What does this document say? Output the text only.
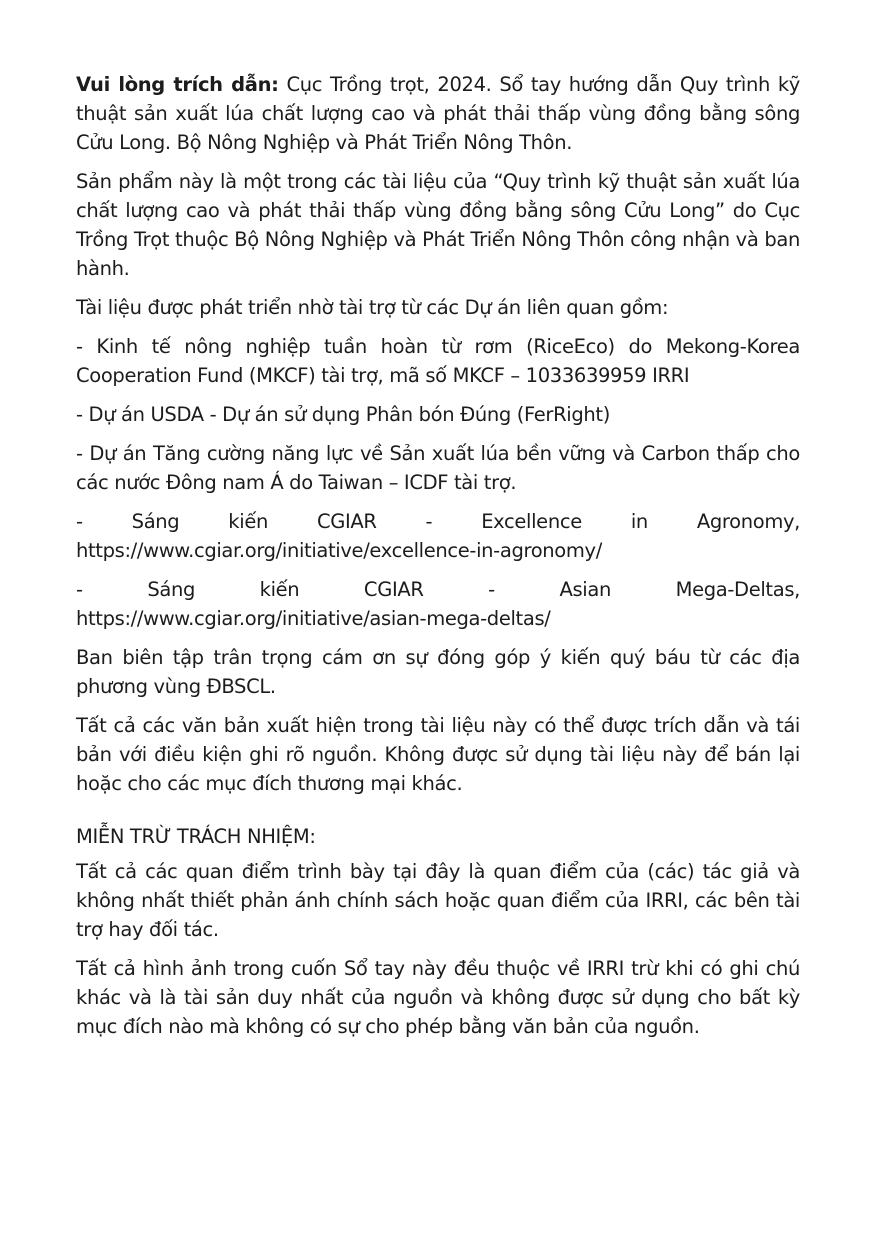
Vui lòng trích dẫn: Cục Trồng trọt, 2024. Sổ tay hướng dẫn Quy trình kỹ thuật sản xuất lúa chất lượng cao và phát thải thấp vùng đồng bằng sông Cửu Long. Bộ Nông Nghiệp và Phát Triển Nông Thôn.

Sản phẩm này là một trong các tài liệu của “Quy trình kỹ thuật sản xuất lúa chất lượng cao và phát thải thấp vùng đồng bằng sông Cửu Long” do Cục Trồng Trọt thuộc Bộ Nông Nghiệp và Phát Triển Nông Thôn công nhận và ban hành.

Tài liệu được phát triển nhờ tài trợ từ các Dự án liên quan gồm:

- Kinh tế nông nghiệp tuần hoàn từ rơm (RiceEco) do Mekong-Korea Cooperation Fund (MKCF) tài trợ, mã số MKCF – 1033639959 IRRI

- Dự án USDA - Dự án sử dụng Phân bón Đúng (FerRight)

- Dự án Tăng cường năng lực về Sản xuất lúa bền vững và Carbon thấp cho các nước Đông nam Á do Taiwan – ICDF tài trợ.

- Sáng kiến CGIAR - Excellence in Agronomy, https://www.cgiar.org/initiative/excellence-in-agronomy/

- Sáng kiến CGIAR - Asian Mega-Deltas, https://www.cgiar.org/initiative/asian-mega-deltas/

Ban biên tập trân trọng cám ơn sự đóng góp ý kiến quý báu từ các địa phương vùng ĐBSCL.

Tất cả các văn bản xuất hiện trong tài liệu này có thể được trích dẫn và tái bản với điều kiện ghi rõ nguồn. Không được sử dụng tài liệu này để bán lại hoặc cho các mục đích thương mại khác.

MIỄN TRỪ TRÁCH NHIỆM:

Tất cả các quan điểm trình bày tại đây là quan điểm của (các) tác giả và không nhất thiết phản ánh chính sách hoặc quan điểm của IRRI, các bên tài trợ hay đối tác.

Tất cả hình ảnh trong cuốn Sổ tay này đều thuộc về IRRI trừ khi có ghi chú khác và là tài sản duy nhất của nguồn và không được sử dụng cho bất kỳ mục đích nào mà không có sự cho phép bằng văn bản của nguồn.
